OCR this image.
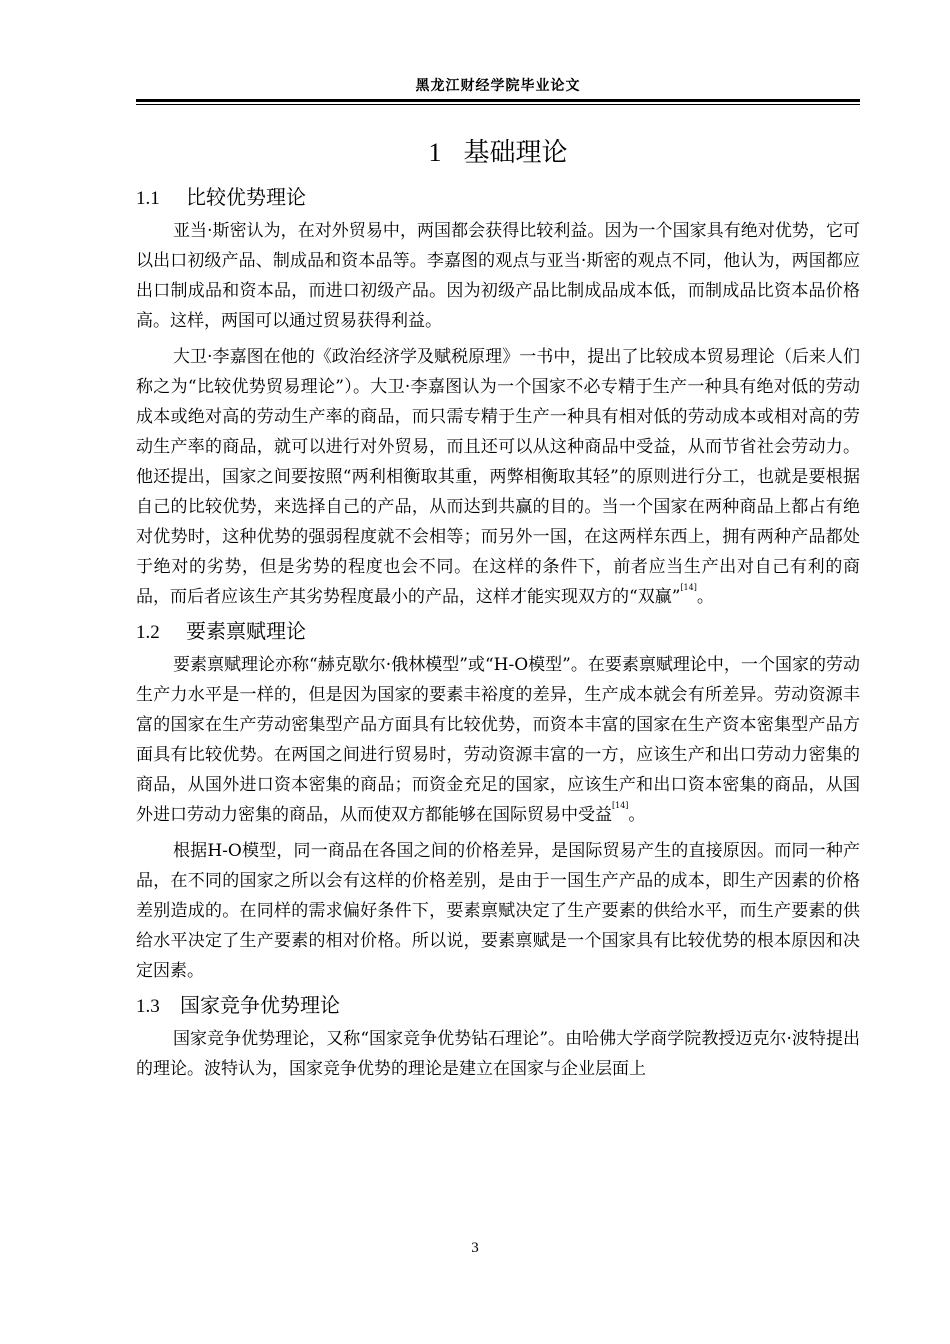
黑龙江财经学院毕业论文
1 基础理论
1.1 比较优势理论

亚当·斯密认为，在对外贸易中，两国都会获得比较利益。因为一个国家具有绝对优势，它可以出口初级产品、制成品和资本品等。李嘉图的观点与亚当·斯密的观点不同，他认为，两国都应出口制成品和资本品，而进口初级产品。因为初级产品比制成品成本低，而制成品比资本品价格高。这样，两国可以通过贸易获得利益。

大卫·李嘉图在他的《政治经济学及赋税原理》一书中，提出了比较成本贸易理论（后来人们称之为“比较优势贸易理论”）。大卫·李嘉图认为一个国家不必专精于生产一种具有绝对低的劳动成本或绝对高的劳动生产率的商品，而只需专精于生产一种具有相对低的劳动成本或相对高的劳动生产率的商品，就可以进行对外贸易，而且还可以从这种商品中受益，从而节省社会劳动力。他还提出，国家之间要按照“两利相衡取其重，两弊相衡取其轻”的原则进行分工，也就是要根据自己的比较优势，来选择自己的产品，从而达到共赢的目的。当一个国家在两种商品上都占有绝对优势时，这种优势的强弱程度就不会相等；而另外一国，在这两样东西上，拥有两种产品都处于绝对的劣势，但是劣势的程度也会不同。在这样的条件下，前者应当生产出对自己有利的商品，而后者应该生产其劣势程度最小的产品，这样才能实现双方的“双赢”[14]。

1.2 要素禀赋理论

要素禀赋理论亦称“赫克歇尔·俄林模型”或“H-O模型”。在要素禀赋理论中，一个国家的劳动生产力水平是一样的，但是因为国家的要素丰裕度的差异，生产成本就会有所差异。劳动资源丰富的国家在生产劳动密集型产品方面具有比较优势，而资本丰富的国家在生产资本密集型产品方面具有比较优势。在两国之间进行贸易时，劳动资源丰富的一方，应该生产和出口劳动力密集的商品，从国外进口资本密集的商品；而资金充足的国家，应该生产和出口资本密集的商品，从国外进口劳动力密集的商品，从而使双方都能够在国际贸易中受益[14]。

根据H-O模型，同一商品在各国之间的价格差异，是国际贸易产生的直接原因。而同一种产品，在不同的国家之所以会有这样的价格差别，是由于一国生产产品的成本，即生产因素的价格差别造成的。在同样的需求偏好条件下，要素禀赋决定了生产要素的供给水平，而生产要素的供给水平决定了生产要素的相对价格。所以说，要素禀赋是一个国家具有比较优势的根本原因和决定因素。

1.3 国家竞争优势理论

国家竞争优势理论，又称“国家竞争优势钻石理论”。由哈佛大学商学院教授迈克尔·波特提出的理论。波特认为，国家竞争优势的理论是建立在国家与企业层面上

3
